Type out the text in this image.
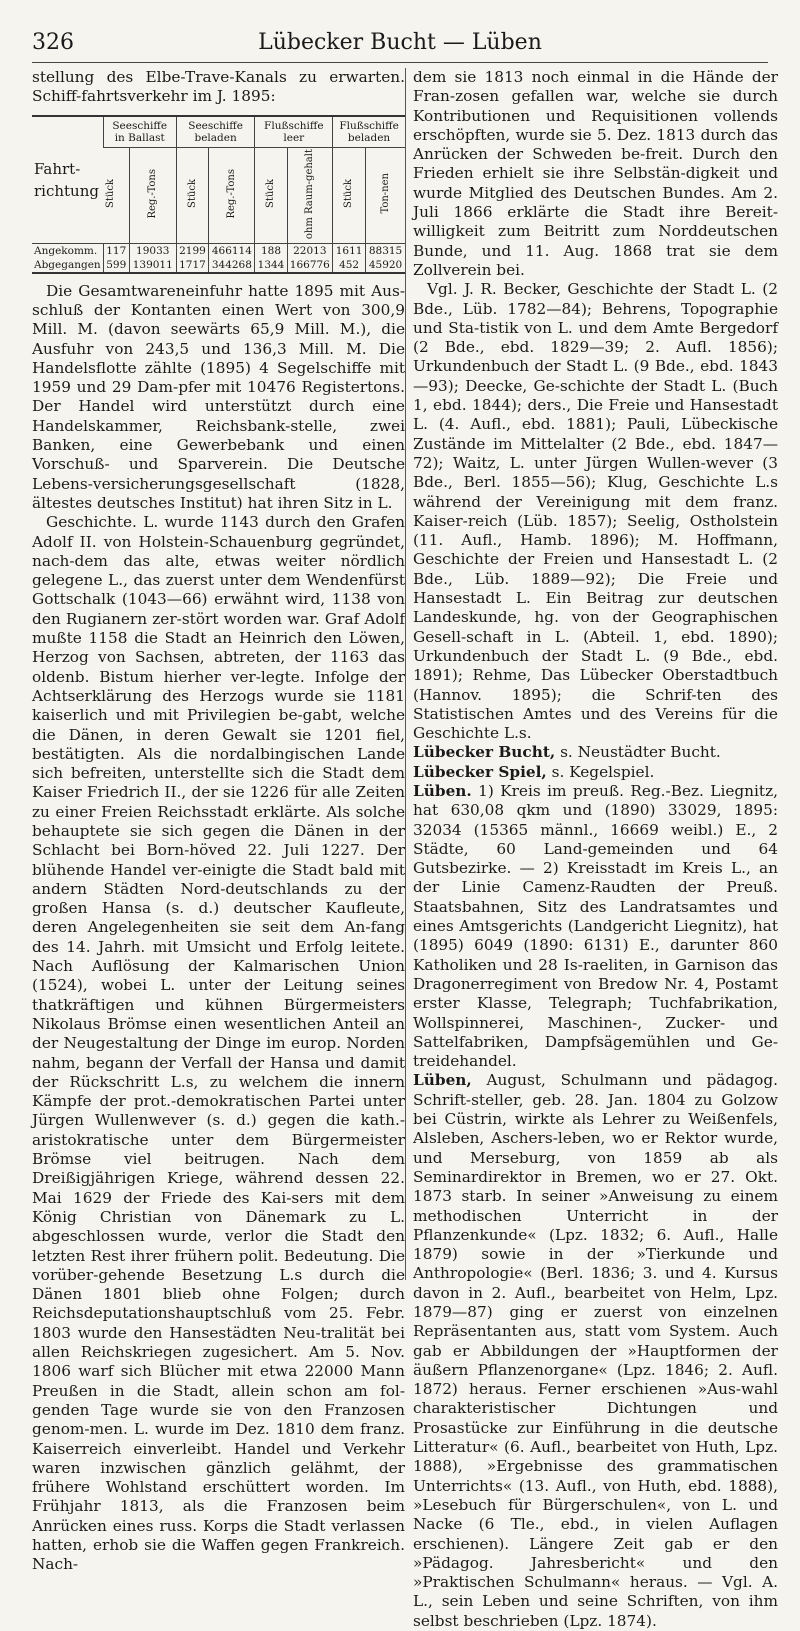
Lübecker Bucht — Lüben
326

stellung des Elbe-Trave-Kanals zu erwarten. Schiff-fahrtsverkehr im J. 1895:

Fahrt-richtung	Seeschiffe in Ballast		Seeschiffe beladen		Flußschiffe leer		Flußschiffe beladen	
	Stück	Reg.-Tons	Stück	Reg.-Tons	Stück	ohm Raum-gehalt	Stück	Ton-nen
Angekomm.	117	19033	2199	466114	188	22013	1611	88315
Abgegangen	599	139011	1717	344268	1344	166776	452	45920

Die Gesamtwareneinfuhr hatte 1895 mit Aus-schluß der Kontanten einen Wert von 300,9 Mill. M. (davon seewärts 65,9 Mill. M.), die Ausfuhr von 243,5 und 136,3 Mill. M. Die Handelsflotte zählte (1895) 4 Segelschiffe mit 1959 und 29 Dam-pfer mit 10476 Registertons. Der Handel wird unterstützt durch eine Handelskammer, Reichsbank-stelle, zwei Banken, eine Gewerbebank und einen Vorschuß- und Sparverein. Die Deutsche Lebens-versicherungsgesellschaft (1828, ältestes deutsches Institut) hat ihren Sitz in L.

Geschichte. L. wurde 1143 durch den Grafen Adolf II. von Holstein-Schauenburg gegründet, nach-dem das alte, etwas weiter nördlich gelegene L., das zuerst unter dem Wendenfürst Gottschalk (1043—66) erwähnt wird, 1138 von den Rugianern zer-stört worden war. Graf Adolf mußte 1158 die Stadt an Heinrich den Löwen, Herzog von Sachsen, abtreten, der 1163 das oldenb. Bistum hierher ver-legte. Infolge der Achtserklärung des Herzogs wurde sie 1181 kaiserlich und mit Privilegien be-gabt, welche die Dänen, in deren Gewalt sie 1201 fiel, bestätigten. Als die nordalbingischen Lande sich befreiten, unterstellte sich die Stadt dem Kaiser Friedrich II., der sie 1226 für alle Zeiten zu einer Freien Reichsstadt erklärte. Als solche behauptete sie sich gegen die Dänen in der Schlacht bei Born-höved 22. Juli 1227. Der blühende Handel ver-einigte die Stadt bald mit andern Städten Nord-deutschlands zu der großen Hansa (s. d.) deutscher Kaufleute, deren Angelegenheiten sie seit dem An-fang des 14. Jahrh. mit Umsicht und Erfolg leitete. Nach Auflösung der Kalmarischen Union (1524), wobei L. unter der Leitung seines thatkräftigen und kühnen Bürgermeisters Nikolaus Brömse einen wesentlichen Anteil an der Neugestaltung der Dinge im europ. Norden nahm, begann der Verfall der Hansa und damit der Rückschritt L.s, zu welchem die innern Kämpfe der prot.-demokratischen Partei unter Jürgen Wullenwever (s. d.) gegen die kath.-aristokratische unter dem Bürgermeister Brömse viel beitrugen. Nach dem Dreißigjährigen Kriege, während dessen 22. Mai 1629 der Friede des Kai-sers mit dem König Christian von Dänemark zu L. abgeschlossen wurde, verlor die Stadt den letzten Rest ihrer frühern polit. Bedeutung. Die vorüber-gehende Besetzung L.s durch die Dänen 1801 blieb ohne Folgen; durch Reichsdeputationshauptschluß vom 25. Febr. 1803 wurde den Hansestädten Neu-tralität bei allen Reichskriegen zugesichert. Am 5. Nov. 1806 warf sich Blücher mit etwa 22000 Mann Preußen in die Stadt, allein schon am fol-genden Tage wurde sie von den Franzosen genom-men. L. wurde im Dez. 1810 dem franz. Kaiserreich einverleibt. Handel und Verkehr waren inzwischen gänzlich gelähmt, der frühere Wohlstand erschüttert worden. Im Frühjahr 1813, als die Franzosen beim Anrücken eines russ. Korps die Stadt verlassen hatten, erhob sie die Waffen gegen Frankreich. Nach-

dem sie 1813 noch einmal in die Hände der Fran-zosen gefallen war, welche sie durch Kontributionen und Requisitionen vollends erschöpften, wurde sie 5. Dez. 1813 durch das Anrücken der Schweden be-freit. Durch den Frieden erhielt sie ihre Selbstän-digkeit und wurde Mitglied des Deutschen Bundes. Am 2. Juli 1866 erklärte die Stadt ihre Bereit-willigkeit zum Beitritt zum Norddeutschen Bunde, und 11. Aug. 1868 trat sie dem Zollverein bei.

Vgl. J. R. Becker, Geschichte der Stadt L. (2 Bde., Lüb. 1782—84); Behrens, Topographie und Sta-tistik von L. und dem Amte Bergedorf (2 Bde., ebd. 1829—39; 2. Aufl. 1856); Urkundenbuch der Stadt L. (9 Bde., ebd. 1843—93); Deecke, Ge-schichte der Stadt L. (Buch 1, ebd. 1844); ders., Die Freie und Hansestadt L. (4. Aufl., ebd. 1881); Pauli, Lübeckische Zustände im Mittelalter (2 Bde., ebd. 1847—72); Waitz, L. unter Jürgen Wullen-wever (3 Bde., Berl. 1855—56); Klug, Geschichte L.s während der Vereinigung mit dem franz. Kaiser-reich (Lüb. 1857); Seelig, Ostholstein (11. Aufl., Hamb. 1896); M. Hoffmann, Geschichte der Freien und Hansestadt L. (2 Bde., Lüb. 1889—92); Die Freie und Hansestadt L. Ein Beitrag zur deutschen Landeskunde, hg. von der Geographischen Gesell-schaft in L. (Abteil. 1, ebd. 1890); Urkundenbuch der Stadt L. (9 Bde., ebd. 1891); Rehme, Das Lübecker Oberstadtbuch (Hannov. 1895); die Schrif-ten des Statistischen Amtes und des Vereins für die Geschichte L.s.

Lübecker Bucht, s. Neustädter Bucht.

Lübecker Spiel, s. Kegelspiel.

Lüben. 1) Kreis im preuß. Reg.-Bez. Liegnitz, hat 630,08 qkm und (1890) 33029, 1895: 32034 (15365 männl., 16669 weibl.) E., 2 Städte, 60 Land-gemeinden und 64 Gutsbezirke. — 2) Kreisstadt im Kreis L., an der Linie Camenz-Raudten der Preuß. Staatsbahnen, Sitz des Landratsamtes und eines Amtsgerichts (Landgericht Liegnitz), hat (1895) 6049 (1890: 6131) E., darunter 860 Katholiken und 28 Is-raeliten, in Garnison das Dragonerregiment von Bredow Nr. 4, Postamt erster Klasse, Telegraph; Tuchfabrikation, Wollspinnerei, Maschinen-, Zucker- und Sattelfabriken, Dampfsägemühlen und Ge-treidehandel.

Lüben, August, Schulmann und pädagog. Schrift-steller, geb. 28. Jan. 1804 zu Golzow bei Cüstrin, wirkte als Lehrer zu Weißenfels, Alsleben, Aschers-leben, wo er Rektor wurde, und Merseburg, von 1859 ab als Seminardirektor in Bremen, wo er 27. Okt. 1873 starb. In seiner »Anweisung zu einem methodischen Unterricht in der Pflanzenkunde« (Lpz. 1832; 6. Aufl., Halle 1879) sowie in der »Tierkunde und Anthropologie« (Berl. 1836; 3. und 4. Kursus davon in 2. Aufl., bearbeitet von Helm, Lpz. 1879—87) ging er zuerst von einzelnen Repräsentanten aus, statt vom System. Auch gab er Abbildungen der »Hauptformen der äußern Pflanzenorgane« (Lpz. 1846; 2. Aufl. 1872) heraus. Ferner erschienen »Aus-wahl charakteristischer Dichtungen und Prosastücke zur Einführung in die deutsche Litteratur« (6. Aufl., bearbeitet von Huth, Lpz. 1888), »Ergebnisse des grammatischen Unterrichts« (13. Aufl., von Huth, ebd. 1888), »Lesebuch für Bürgerschulen«, von L. und Nacke (6 Tle., ebd., in vielen Auflagen erschienen). Längere Zeit gab er den »Pädagog. Jahresbericht« und den »Praktischen Schulmann« heraus. — Vgl. A. L., sein Leben und seine Schriften, von ihm selbst beschrieben (Lpz. 1874).
